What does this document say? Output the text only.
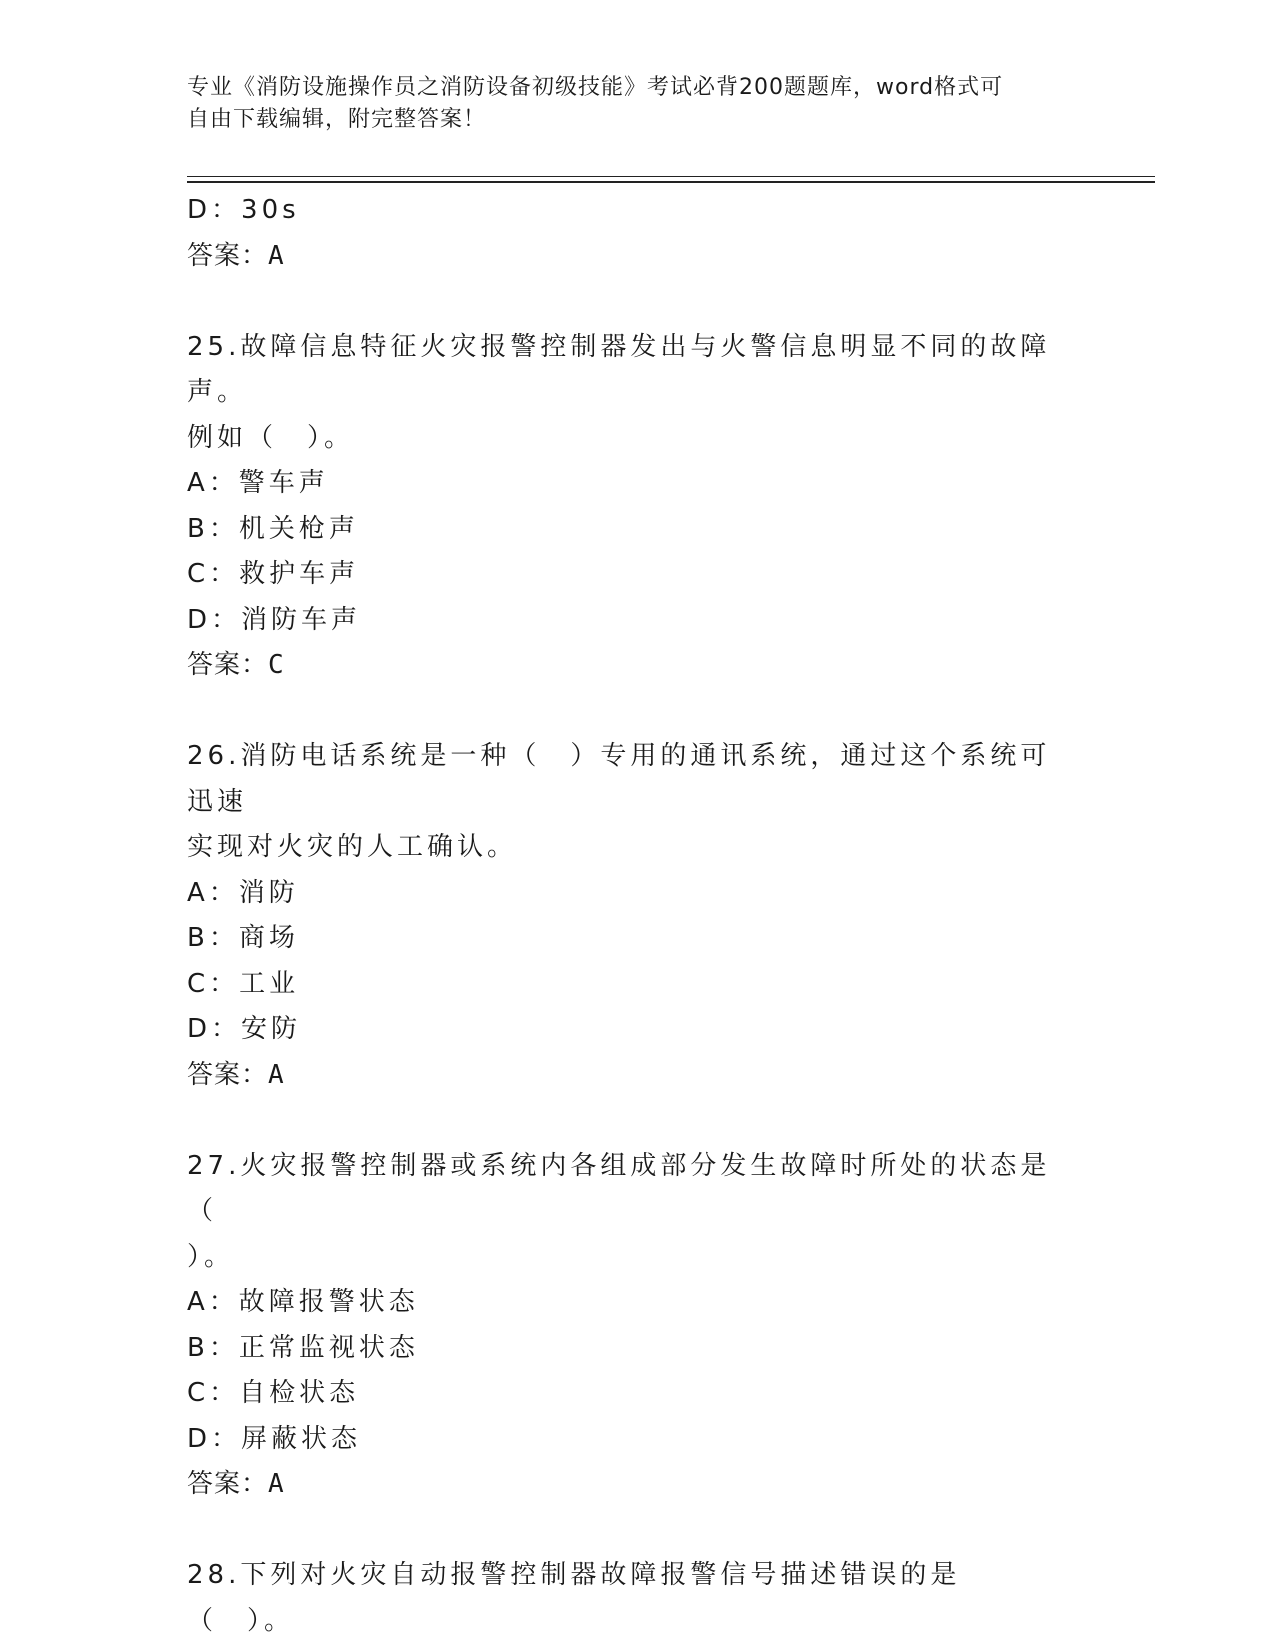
专业《消防设施操作员之消防设备初级技能》考试必背200题题库，word格式可
自由下载编辑，附完整答案！
D：30s
答案：A
25.故障信息特征火灾报警控制器发出与火警信息明显不同的故障声。
例如（　）。
A：警车声
B：机关枪声
C：救护车声
D：消防车声
答案：C
26.消防电话系统是一种（　）专用的通讯系统，通过这个系统可迅速
实现对火灾的人工确认。
A：消防
B：商场
C：工业
D：安防
答案：A
27.火灾报警控制器或系统内各组成部分发生故障时所处的状态是（
）。
A：故障报警状态
B：正常监视状态
C：自检状态
D：屏蔽状态
答案：A
28.下列对火灾自动报警控制器故障报警信号描述错误的是（　）。
